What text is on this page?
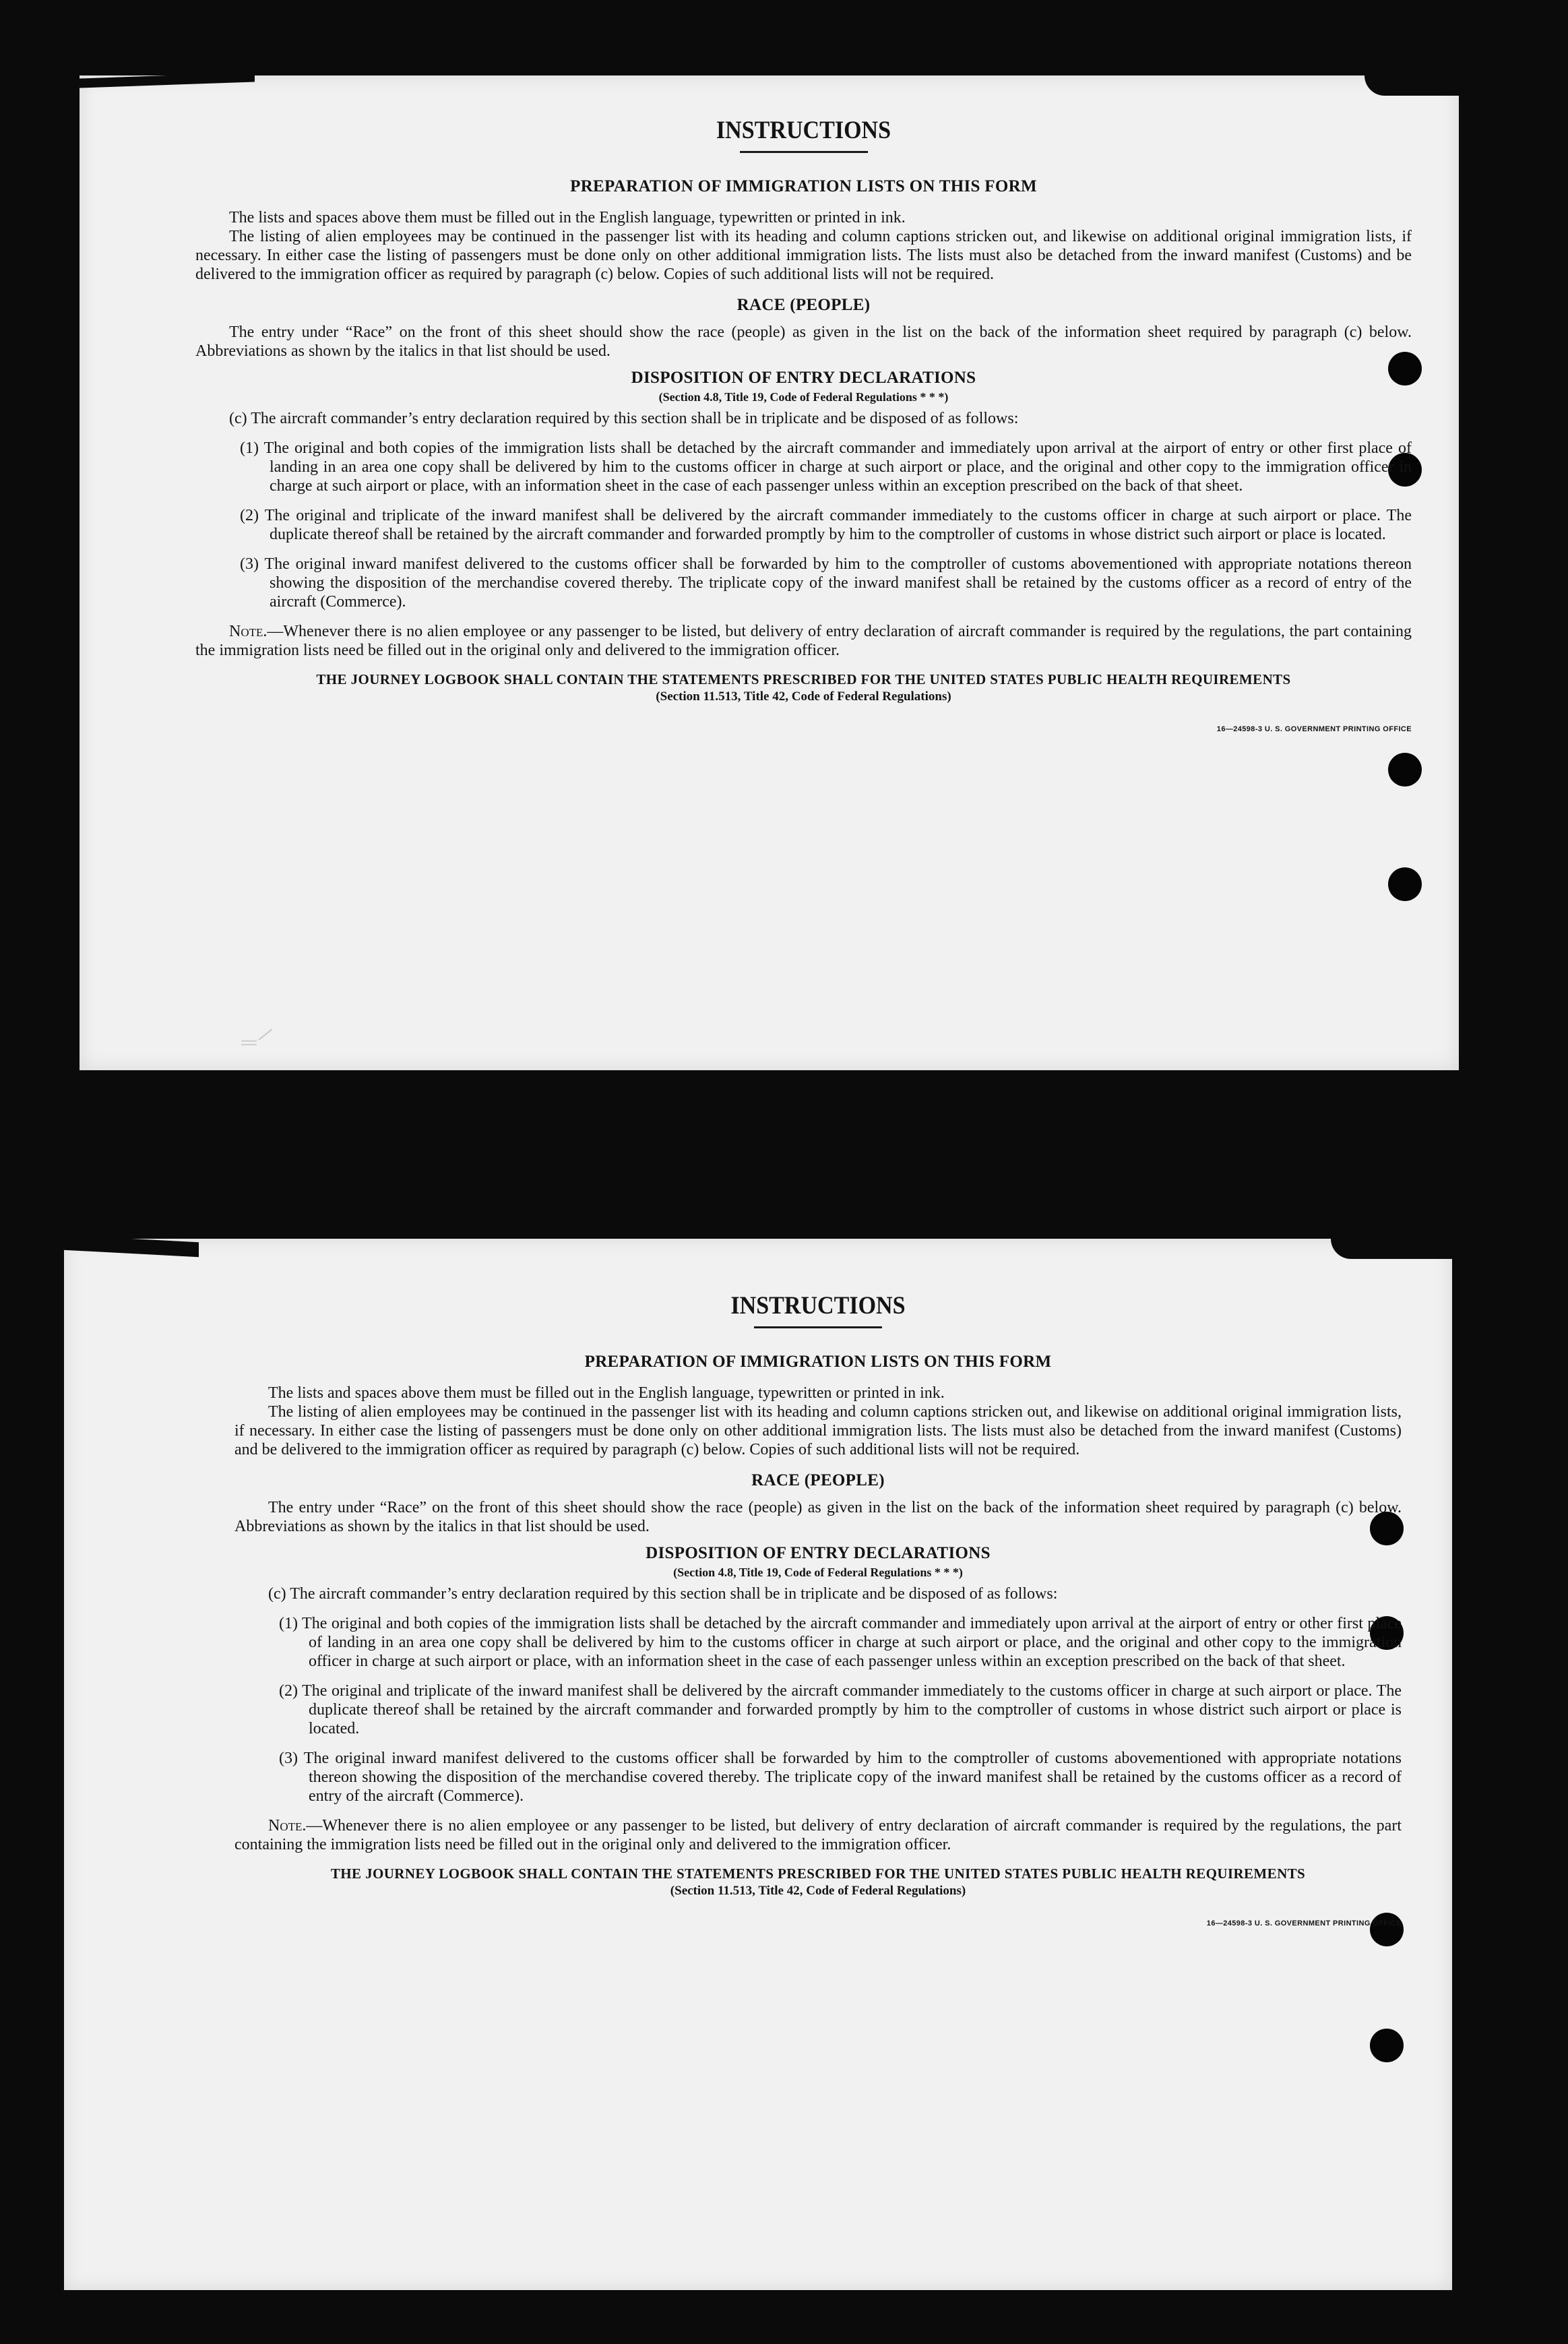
‗⸝
INSTRUCTIONS
PREPARATION OF IMMIGRATION LISTS ON THIS FORM

The lists and spaces above them must be filled out in the English language, typewritten or printed in ink.

The listing of alien employees may be continued in the passenger list with its heading and column captions stricken out, and likewise on additional original immigration lists, if necessary. In either case the listing of passengers must be done only on other additional immigration lists. The lists must also be detached from the inward manifest (Customs) and be delivered to the immigration officer as required by paragraph (c) below. Copies of such additional lists will not be required.

RACE (PEOPLE)

The entry under “Race” on the front of this sheet should show the race (people) as given in the list on the back of the information sheet required by paragraph (c) below. Abbreviations as shown by the italics in that list should be used.

DISPOSITION OF ENTRY DECLARATIONS
(Section 4.8, Title 19, Code of Federal Regulations * * *)

(c) The aircraft commander’s entry declaration required by this section shall be in triplicate and be disposed of as follows:

(1) The original and both copies of the immigration lists shall be detached by the aircraft commander and immediately upon arrival at the airport of entry or other first place of landing in an area one copy shall be delivered by him to the customs officer in charge at such airport or place, and the original and other copy to the immigration officer in charge at such airport or place, with an information sheet in the case of each passenger unless within an exception prescribed on the back of that sheet.

(2) The original and triplicate of the inward manifest shall be delivered by the aircraft commander immediately to the customs officer in charge at such airport or place. The duplicate thereof shall be retained by the aircraft commander and forwarded promptly by him to the comptroller of customs in whose district such airport or place is located.

(3) The original inward manifest delivered to the customs officer shall be forwarded by him to the comptroller of customs abovementioned with appropriate notations thereon showing the disposition of the merchandise covered thereby. The triplicate copy of the inward manifest shall be retained by the customs officer as a record of entry of the aircraft (Commerce).

Note.—Whenever there is no alien employee or any passenger to be listed, but delivery of entry declaration of aircraft commander is required by the regulations, the part containing the immigration lists need be filled out in the original only and delivered to the immigration officer.

THE JOURNEY LOGBOOK SHALL CONTAIN THE STATEMENTS PRESCRIBED FOR THE UNITED STATES PUBLIC HEALTH REQUIREMENTS

(Section 11.513, Title 42, Code of Federal Regulations)

16—24598-3 U. S. GOVERNMENT PRINTING OFFICE
INSTRUCTIONS
PREPARATION OF IMMIGRATION LISTS ON THIS FORM

The lists and spaces above them must be filled out in the English language, typewritten or printed in ink.

The listing of alien employees may be continued in the passenger list with its heading and column captions stricken out, and likewise on additional original immigration lists, if necessary. In either case the listing of passengers must be done only on other additional immigration lists. The lists must also be detached from the inward manifest (Customs) and be delivered to the immigration officer as required by paragraph (c) below. Copies of such additional lists will not be required.

RACE (PEOPLE)

The entry under “Race” on the front of this sheet should show the race (people) as given in the list on the back of the information sheet required by paragraph (c) below. Abbreviations as shown by the italics in that list should be used.

DISPOSITION OF ENTRY DECLARATIONS
(Section 4.8, Title 19, Code of Federal Regulations * * *)

(c) The aircraft commander’s entry declaration required by this section shall be in triplicate and be disposed of as follows:

(1) The original and both copies of the immigration lists shall be detached by the aircraft commander and immediately upon arrival at the airport of entry or other first place of landing in an area one copy shall be delivered by him to the customs officer in charge at such airport or place, and the original and other copy to the immigration officer in charge at such airport or place, with an information sheet in the case of each passenger unless within an exception prescribed on the back of that sheet.

(2) The original and triplicate of the inward manifest shall be delivered by the aircraft commander immediately to the customs officer in charge at such airport or place. The duplicate thereof shall be retained by the aircraft commander and forwarded promptly by him to the comptroller of customs in whose district such airport or place is located.

(3) The original inward manifest delivered to the customs officer shall be forwarded by him to the comptroller of customs abovementioned with appropriate notations thereon showing the disposition of the merchandise covered thereby. The triplicate copy of the inward manifest shall be retained by the customs officer as a record of entry of the aircraft (Commerce).

Note.—Whenever there is no alien employee or any passenger to be listed, but delivery of entry declaration of aircraft commander is required by the regulations, the part containing the immigration lists need be filled out in the original only and delivered to the immigration officer.

THE JOURNEY LOGBOOK SHALL CONTAIN THE STATEMENTS PRESCRIBED FOR THE UNITED STATES PUBLIC HEALTH REQUIREMENTS

(Section 11.513, Title 42, Code of Federal Regulations)

16—24598-3 U. S. GOVERNMENT PRINTING OFFICE
